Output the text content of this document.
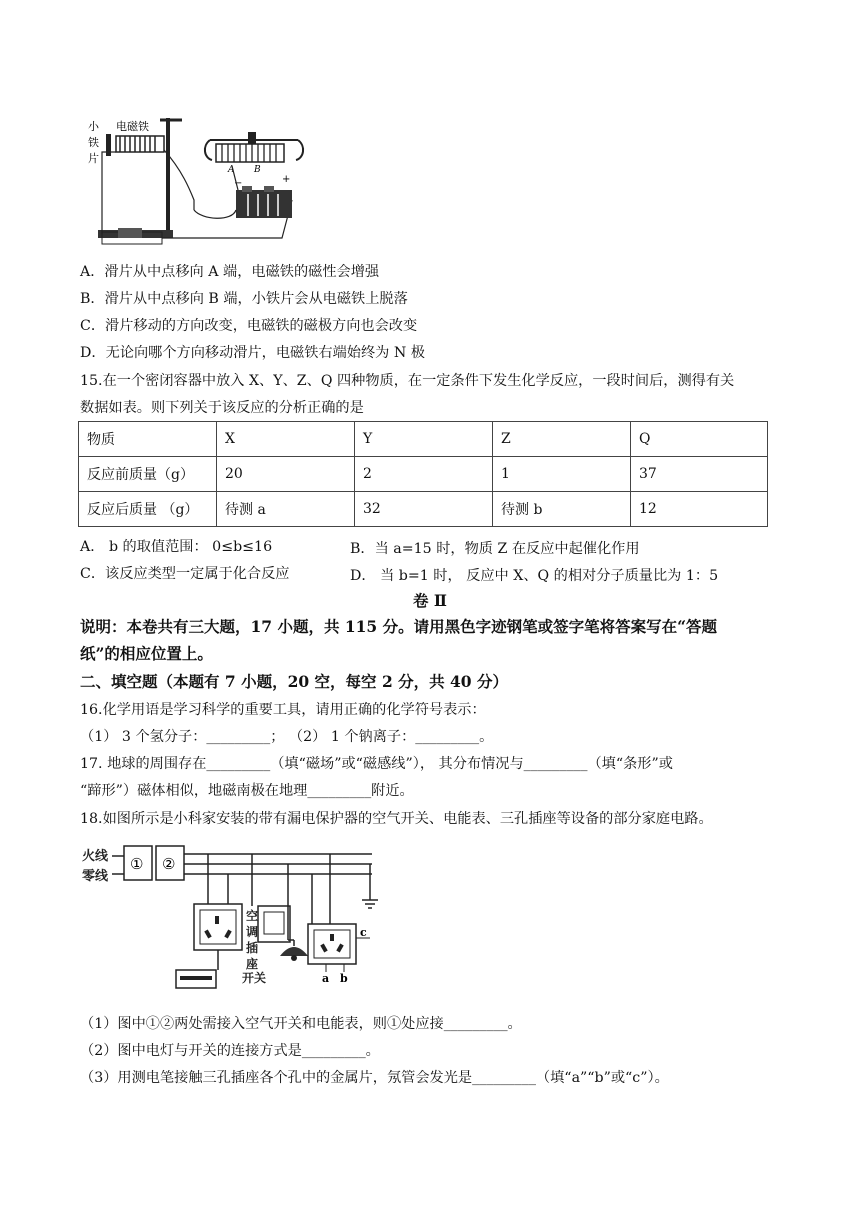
小
铁
片
电磁铁
A B
−	+
A．滑片从中点移向 A 端，电磁铁的磁性会增强
B．滑片从中点移向 B 端，小铁片会从电磁铁上脱落
C．滑片移动的方向改变，电磁铁的磁极方向也会改变
D．无论向哪个方向移动滑片，电磁铁右端始终为 N 极
15.在一个密闭容器中放入 X、Y、Z、Q 四种物质，在一定条件下发生化学反应，一段时间后，测得有关
数据如表。则下列关于该反应的分析正确的是
物质	X	Y	Z	Q
反应前质量（g）	20	2	1	37
反应后质量 （g）	待测 a	32	待测 b	12
A． b 的取值范围： 0≤b≤16	B．当 a=15 时，物质 Z 在反应中起催化作用
C．该反应类型一定属于化合反应	D． 当 b=1 时， 反应中 X、Q 的相对分子质量比为 1：5
卷 Ⅱ
说明：本卷共有三大题，17 小题，共 115 分。请用黑色字迹钢笔或签字笔将答案写在“答题
纸”的相应位置上。
二、填空题（本题有 7 小题，20 空，每空 2 分，共 40 分）
16.化学用语是学习科学的重要工具，请用正确的化学符号表示：
（1） 3 个氢分子：_________； （2） 1 个钠离子：_________。
17. 地球的周围存在_________（填“磁场”或“磁感线”）， 其分布情况与_________（填“条形”或
“蹄形”）磁体相似，地磁南极在地理_________附近。
18.如图所示是小科家安装的带有漏电保护器的空气开关、电能表、三孔插座等设备的部分家庭电路。
火线
零线
① ②
空
调
插
座
开关
c
a b
（1）图中①②两处需接入空气开关和电能表，则①处应接_________。
（2）图中电灯与开关的连接方式是_________。
（3）用测电笔接触三孔插座各个孔中的金属片，氖管会发光是_________（填“a”“b”或“c”）。
